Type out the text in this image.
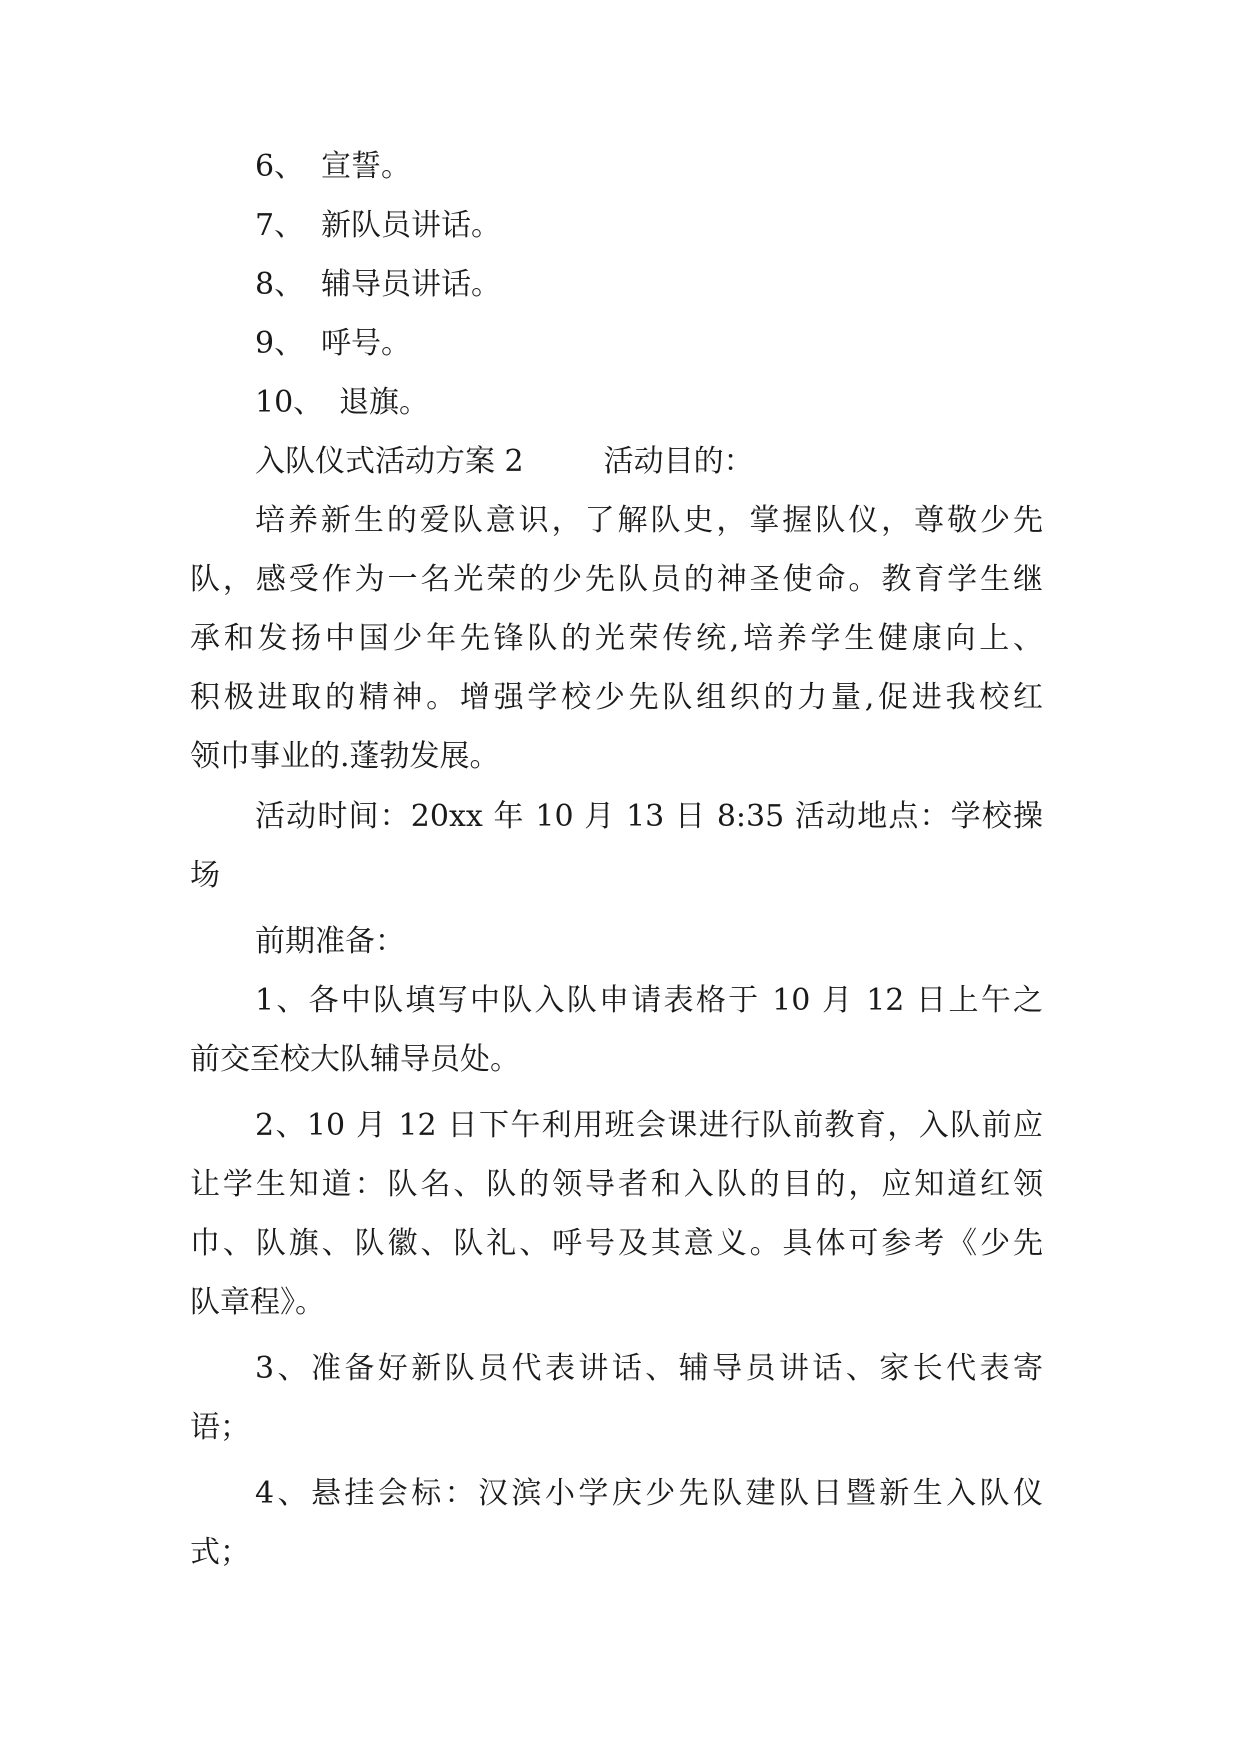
6、 宣誓。
7、 新队员讲话。
8、 辅导员讲话。
9、 呼号。
10、 退旗。
入队仪式活动方案 2	活动目的：
培养新生的爱队意识，了解队史，掌握队仪，尊敬少先
队，感受作为一名光荣的少先队员的神圣使命。教育学生继
承和发扬中国少年先锋队的光荣传统,培养学生健康向上、
积极进取的精神。增强学校少先队组织的力量,促进我校红
领巾事业的.蓬勃发展。
活动时间：20xx 年 10 月 13 日 8:35 活动地点：学校操
场
前期准备：
1、各中队填写中队入队申请表格于 10 月 12 日上午之
前交至校大队辅导员处。
2、10 月 12 日下午利用班会课进行队前教育，入队前应
让学生知道：队名、队的领导者和入队的目的，应知道红领
巾、队旗、队徽、队礼、呼号及其意义。具体可参考《少先
队章程》。
3、准备好新队员代表讲话、辅导员讲话、家长代表寄
语；
4、悬挂会标：汉滨小学庆少先队建队日暨新生入队仪
式；
